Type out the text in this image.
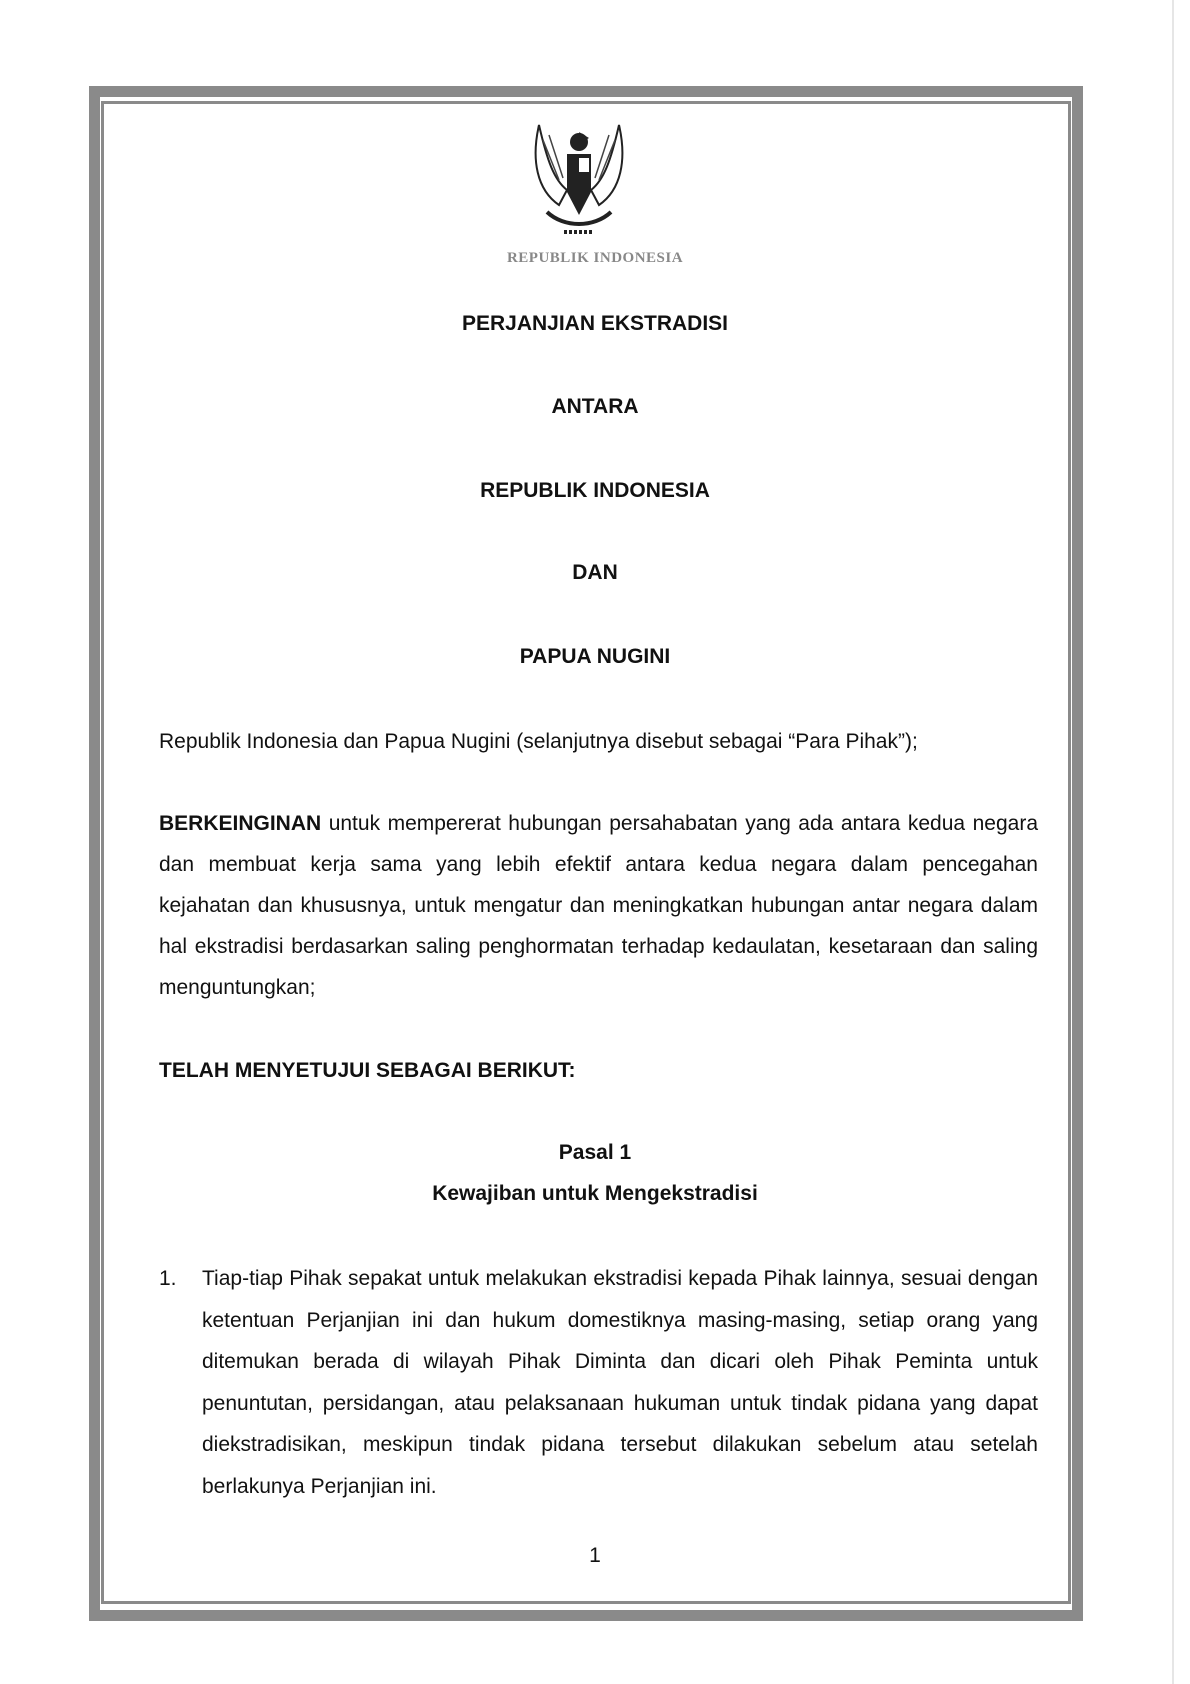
REPUBLIK INDONESIA
PERJANJIAN EKSTRADISI
ANTARA
REPUBLIK INDONESIA
DAN
PAPUA NUGINI
Republik Indonesia dan Papua Nugini (selanjutnya disebut sebagai “Para Pihak”);
BERKEINGINAN untuk mempererat hubungan persahabatan yang ada antara kedua negara dan membuat kerja sama yang lebih efektif antara kedua negara dalam pencegahan kejahatan dan khususnya, untuk mengatur dan meningkatkan hubungan antar negara dalam hal ekstradisi berdasarkan saling penghormatan terhadap kedaulatan, kesetaraan dan saling menguntungkan;
TELAH MENYETUJUI SEBAGAI BERIKUT:
Pasal 1
Kewajiban untuk Mengekstradisi
1. Tiap-tiap Pihak sepakat untuk melakukan ekstradisi kepada Pihak lainnya, sesuai dengan ketentuan Perjanjian ini dan hukum domestiknya masing-masing, setiap orang yang ditemukan berada di wilayah Pihak Diminta dan dicari oleh Pihak Peminta untuk penuntutan, persidangan, atau pelaksanaan hukuman untuk tindak pidana yang dapat diekstradisikan, meskipun tindak pidana tersebut dilakukan sebelum atau setelah berlakunya Perjanjian ini.
1
